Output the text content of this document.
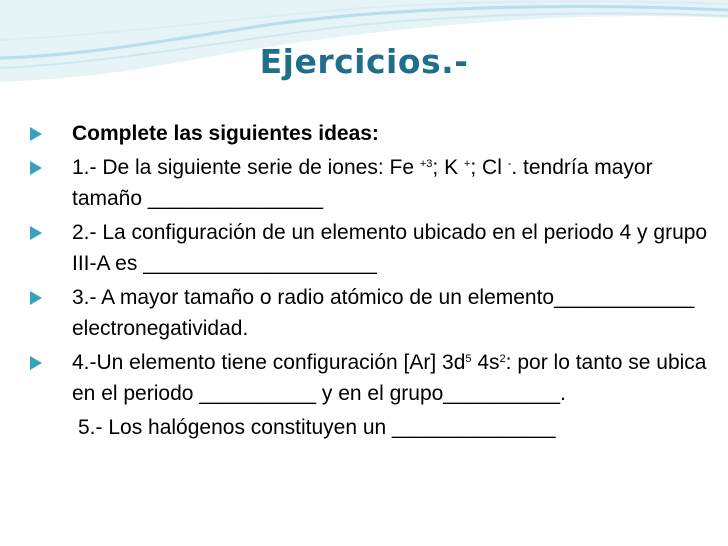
Ejercicios.-
Complete las siguientes ideas:
1.- De la siguiente serie de iones: Fe $^{+3}$; K +; Cl -. tendría mayor tamaño _______________
2.- La configuración de un elemento ubicado en el periodo 4 y grupo III-A es ____________________
3.- A mayor tamaño o radio atómico de un elemento____________ electronegatividad.
4.-Un elemento tiene configuración [Ar] $3d^5$ $4s^2$: por lo tanto se ubica en el periodo __________ y en el grupo__________.
5.- Los halógenos constituyen un ______________
